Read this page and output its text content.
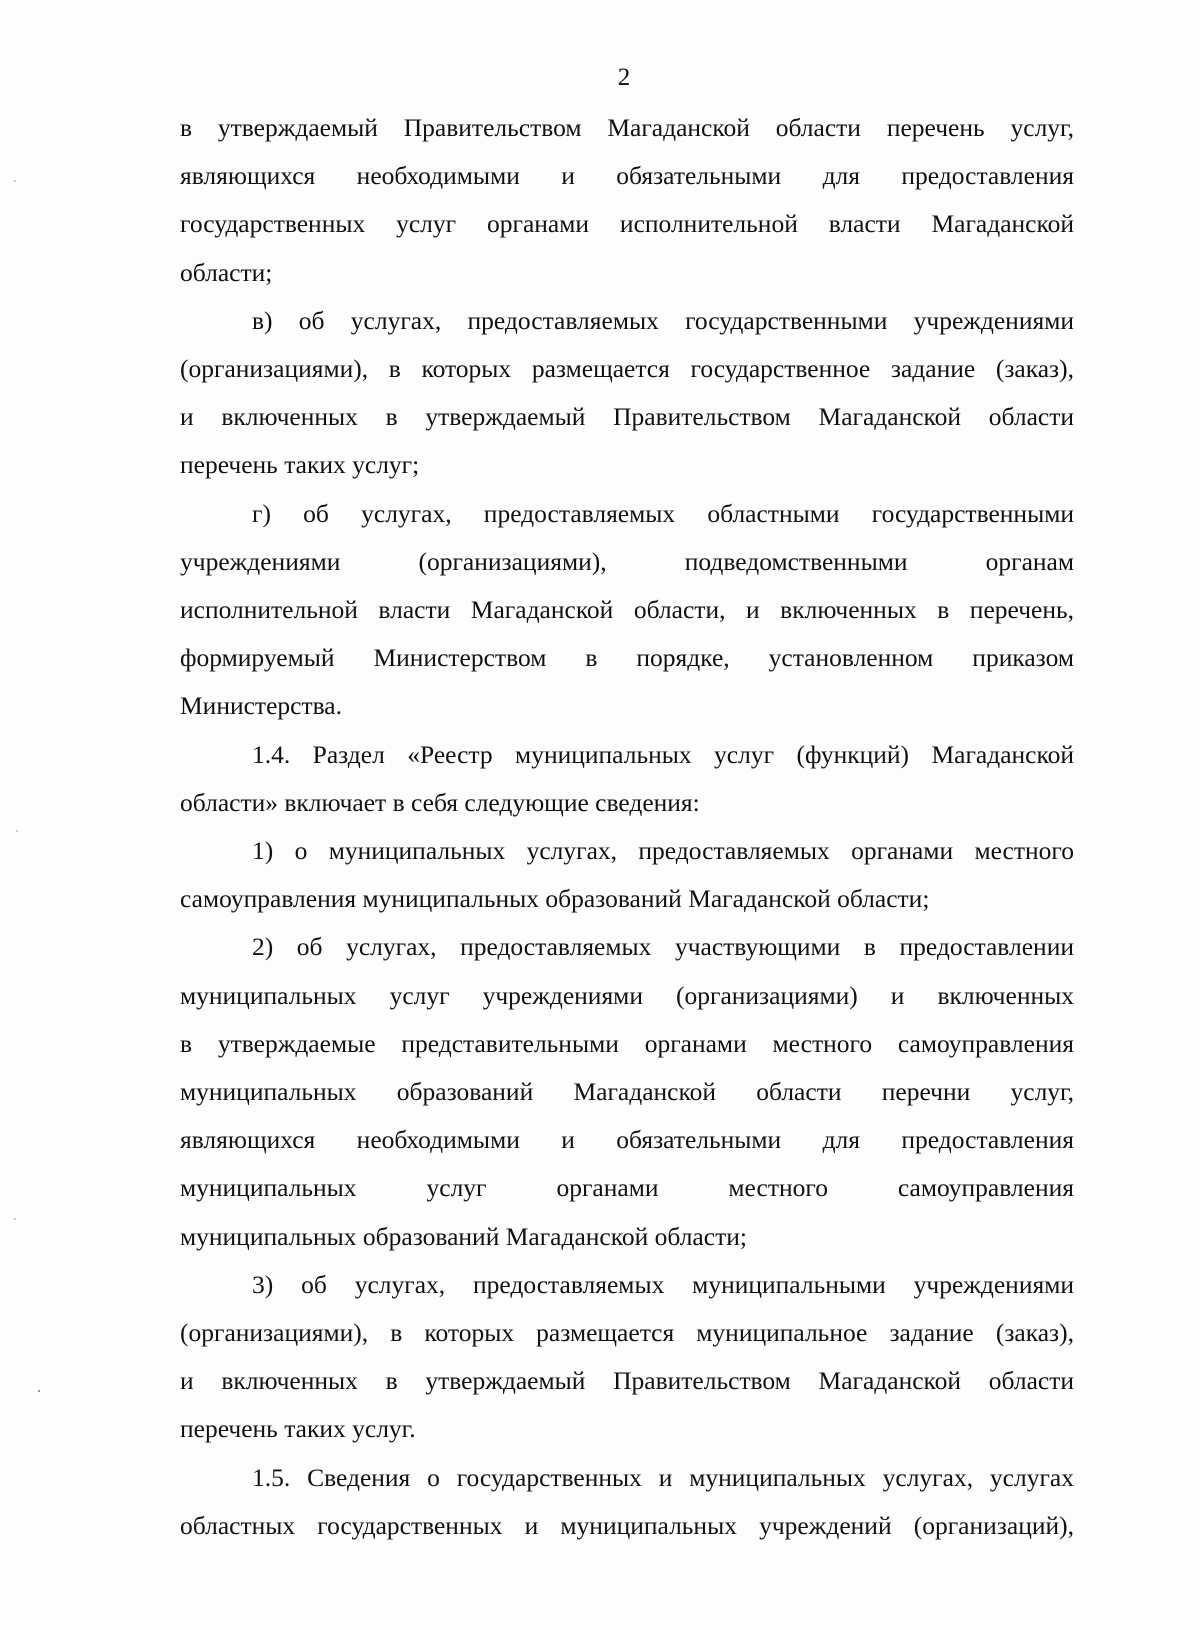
2
в утверждаемый Правительством Магаданской области перечень услуг,
являющихся необходимыми и обязательными для предоставления
государственных услуг органами исполнительной власти Магаданской
области;
в) об услугах, предоставляемых государственными учреждениями
(организациями), в которых размещается государственное задание (заказ),
и включенных в утверждаемый Правительством Магаданской области
перечень таких услуг;
г) об услугах, предоставляемых областными государственными
учреждениями (организациями), подведомственными органам
исполнительной власти Магаданской области, и включенных в перечень,
формируемый Министерством в порядке, установленном приказом
Министерства.
1.4. Раздел «Реестр муниципальных услуг (функций) Магаданской
области» включает в себя следующие сведения:
1) о муниципальных услугах, предоставляемых органами местного
самоуправления муниципальных образований Магаданской области;
2) об услугах, предоставляемых участвующими в предоставлении
муниципальных услуг учреждениями (организациями) и включенных
в утверждаемые представительными органами местного самоуправления
муниципальных образований Магаданской области перечни услуг,
являющихся необходимыми и обязательными для предоставления
муниципальных услуг органами местного самоуправления
муниципальных образований Магаданской области;
3) об услугах, предоставляемых муниципальными учреждениями
(организациями), в которых размещается муниципальное задание (заказ),
и включенных в утверждаемый Правительством Магаданской области
перечень таких услуг.
1.5. Сведения о государственных и муниципальных услугах, услугах
областных государственных и муниципальных учреждений (организаций),
